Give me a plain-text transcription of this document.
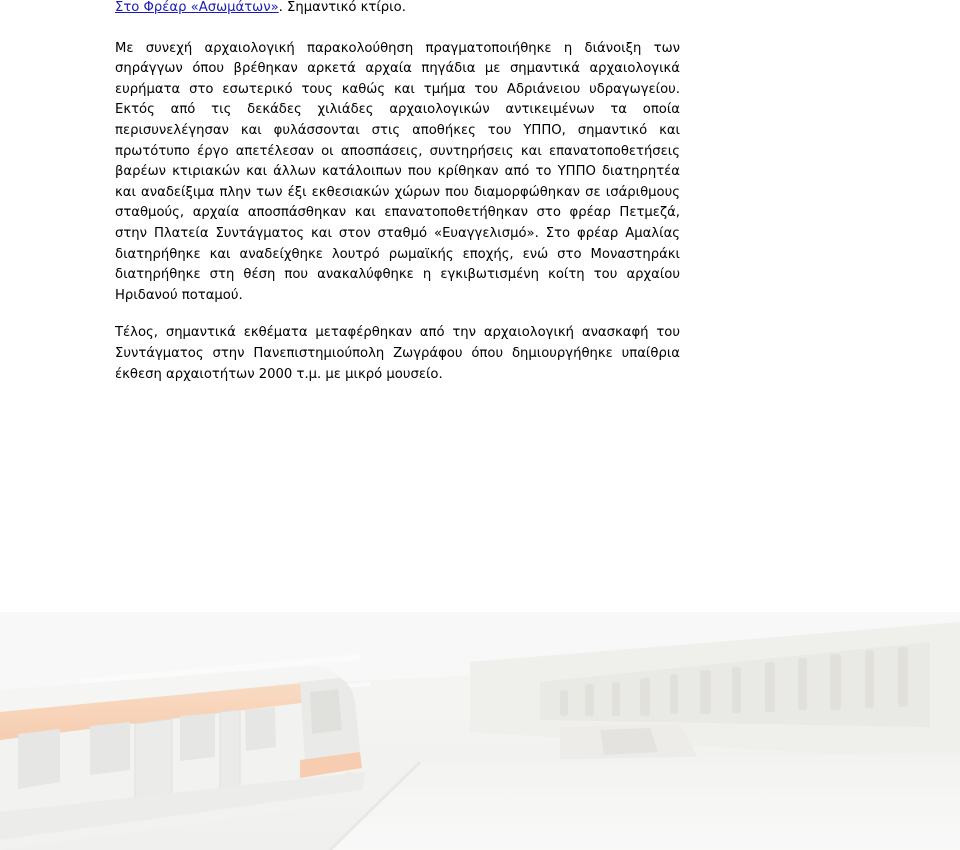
Στο Φρέαρ «Ασωμάτων». Σημαντικό κτίριο.

Με συνεχή αρχαιολογική παρακολούθηση πραγματοποιήθηκε η διάνοιξη των σηράγγων όπου βρέθηκαν αρκετά αρχαία πηγάδια με σημαντικά αρχαιολογικά ευρήματα στο εσωτερικό τους καθώς και τμήμα του Αδριάνειου υδραγωγείου. Εκτός από τις δεκάδες χιλιάδες αρχαιολογικών αντικειμένων τα οποία περισυνελέγησαν και φυλάσσονται στις αποθήκες του ΥΠΠΟ, σημαντικό και πρωτότυπο έργο απετέλεσαν οι αποσπάσεις, συντηρήσεις και επανατοποθετήσεις βαρέων κτιριακών και άλλων κατάλοιπων που κρίθηκαν από το ΥΠΠΟ διατηρητέα και αναδείξιμα πλην των έξι εκθεσιακών χώρων που διαμορφώθηκαν σε ισάριθμους σταθμούς, αρχαία αποσπάσθηκαν και επανατοποθετήθηκαν στο φρέαρ Πετμεζά, στην Πλατεία Συντάγματος και στον σταθμό «Ευαγγελισμό». Στο φρέαρ Αμαλίας διατηρήθηκε και αναδείχθηκε λουτρό ρωμαϊκής εποχής, ενώ στο Μοναστηράκι διατηρήθηκε στη θέση που ανακαλύφθηκε η εγκιβωτισμένη κοίτη του αρχαίου Ηριδανού ποταμού.

Τέλος, σημαντικά εκθέματα μεταφέρθηκαν από την αρχαιολογική ανασκαφή του Συντάγματος στην Πανεπιστημιούπολη Ζωγράφου όπου δημιουργήθηκε υπαίθρια έκθεση αρχαιοτήτων 2000 τ.μ. με μικρό μουσείο.
